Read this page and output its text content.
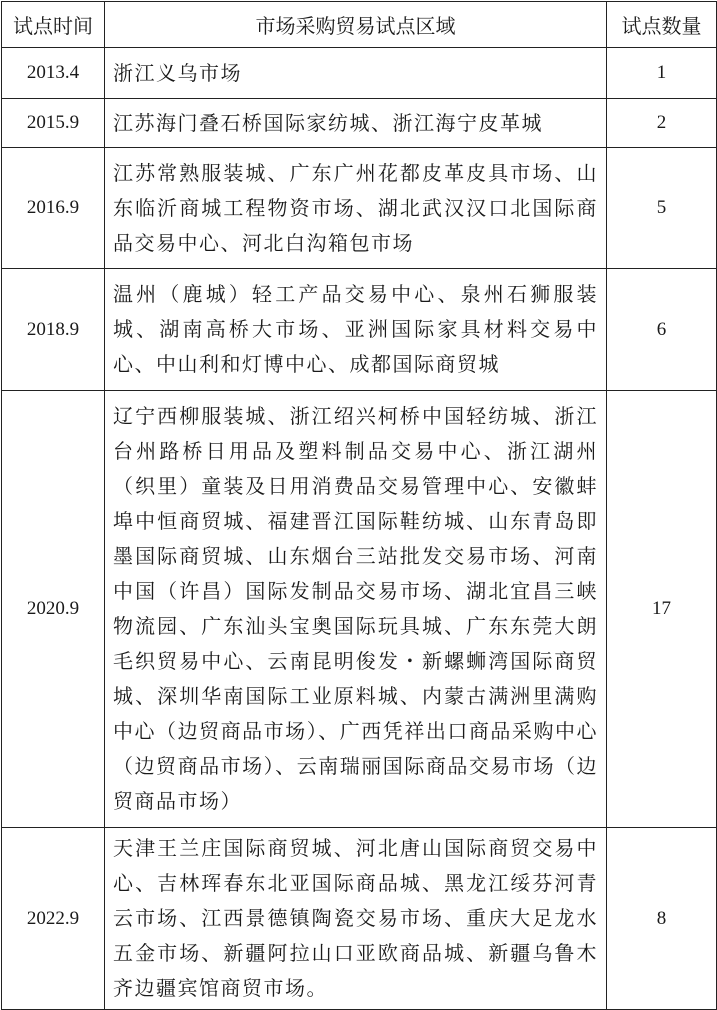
试点时间	市场采购贸易试点区域	试点数量
2013.4	浙江义乌市场	1
2015.9	江苏海门叠石桥国际家纺城、浙江海宁皮革城	2
2016.9	江苏常熟服装城、广东广州花都皮革皮具市场、山东临沂商城工程物资市场、湖北武汉汉口北国际商品交易中心、河北白沟箱包市场	5
2018.9	温州（鹿城）轻工产品交易中心、泉州石狮服装城、湖南高桥大市场、亚洲国际家具材料交易中心、中山利和灯博中心、成都国际商贸城	6
2020.9	辽宁西柳服装城、浙江绍兴柯桥中国轻纺城、浙江台州路桥日用品及塑料制品交易中心、浙江湖州（织里）童装及日用消费品交易管理中心、安徽蚌埠中恒商贸城、福建晋江国际鞋纺城、山东青岛即墨国际商贸城、山东烟台三站批发交易市场、河南中国（许昌）国际发制品交易市场、湖北宜昌三峡物流园、广东汕头宝奥国际玩具城、广东东莞大朗毛织贸易中心、云南昆明俊发・新螺蛳湾国际商贸城、深圳华南国际工业原料城、内蒙古满洲里满购中心（边贸商品市场）、广西凭祥出口商品采购中心（边贸商品市场）、云南瑞丽国际商品交易市场（边贸商品市场）	17
2022.9	天津王兰庄国际商贸城、河北唐山国际商贸交易中心、吉林珲春东北亚国际商品城、黑龙江绥芬河青云市场、江西景德镇陶瓷交易市场、重庆大足龙水五金市场、新疆阿拉山口亚欧商品城、新疆乌鲁木齐边疆宾馆商贸市场。	8
